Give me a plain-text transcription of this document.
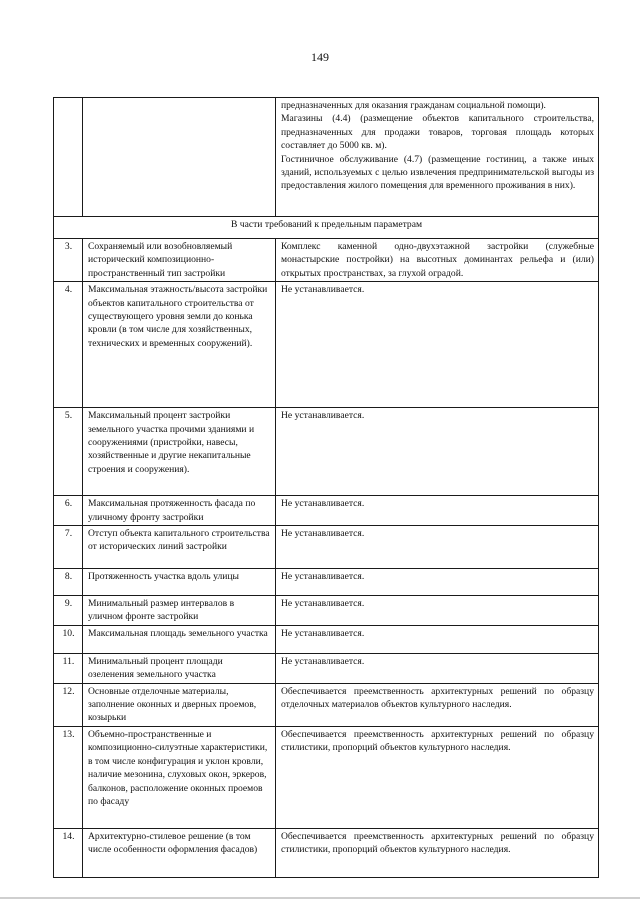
149

		предназначенных для оказания гражданам социальной помощи).
Магазины (4.4) (размещение объектов капитального строительства, предназначенных для продажи товаров, торговая площадь которых составляет до 5000 кв. м).
Гостиничное обслуживание (4.7) (размещение гостиниц, а также иных зданий, используемых с целью извлечения предпринимательской выгоды из предоставления жилого помещения для временного проживания в них).

В части требований к предельным параметрам		
3.	Сохраняемый или возобновляемый исторический композиционно-пространственный тип застройки	Комплекс каменной одно-двухэтажной застройки (служебные монастырские постройки) на высотных доминантах рельефа и (или) открытых пространствах, за глухой оградой.
4.	Максимальная этажность/высота застройки объектов капитального строительства от существующего уровня земли до конька кровли (в том числе для хозяйственных, технических и временных сооружений).	Не устанавливается.
5.	Максимальный процент застройки земельного участка прочими зданиями и сооружениями (пристройки, навесы, хозяйственные и другие некапитальные строения и сооружения).	Не устанавливается.
6.	Максимальная протяженность фасада по уличному фронту застройки	Не устанавливается.
7.	Отступ объекта капитального строительства от исторических линий застройки	Не устанавливается.
8.	Протяженность участка вдоль улицы	Не устанавливается.
9.	Минимальный размер интервалов в уличном фронте застройки	Не устанавливается.
10.	Максимальная площадь земельного участка	Не устанавливается.
11.	Минимальный процент площади озеленения земельного участка	Не устанавливается.
12.	Основные отделочные материалы, заполнение оконных и дверных проемов, козырьки	Обеспечивается преемственность архитектурных решений по образцу отделочных материалов объектов культурного наследия.
13.	Объемно-пространственные и композиционно-силуэтные характеристики, в том числе конфигурация и уклон кровли, наличие мезонина, слуховых окон, эркеров, балконов, расположение оконных проемов по фасаду	Обеспечивается преемственность архитектурных решений по образцу стилистики, пропорций объектов культурного наследия.
14.	Архитектурно-стилевое решение (в том числе особенности оформления фасадов)	Обеспечивается преемственность архитектурных решений по образцу стилистики, пропорций объектов культурного наследия.
